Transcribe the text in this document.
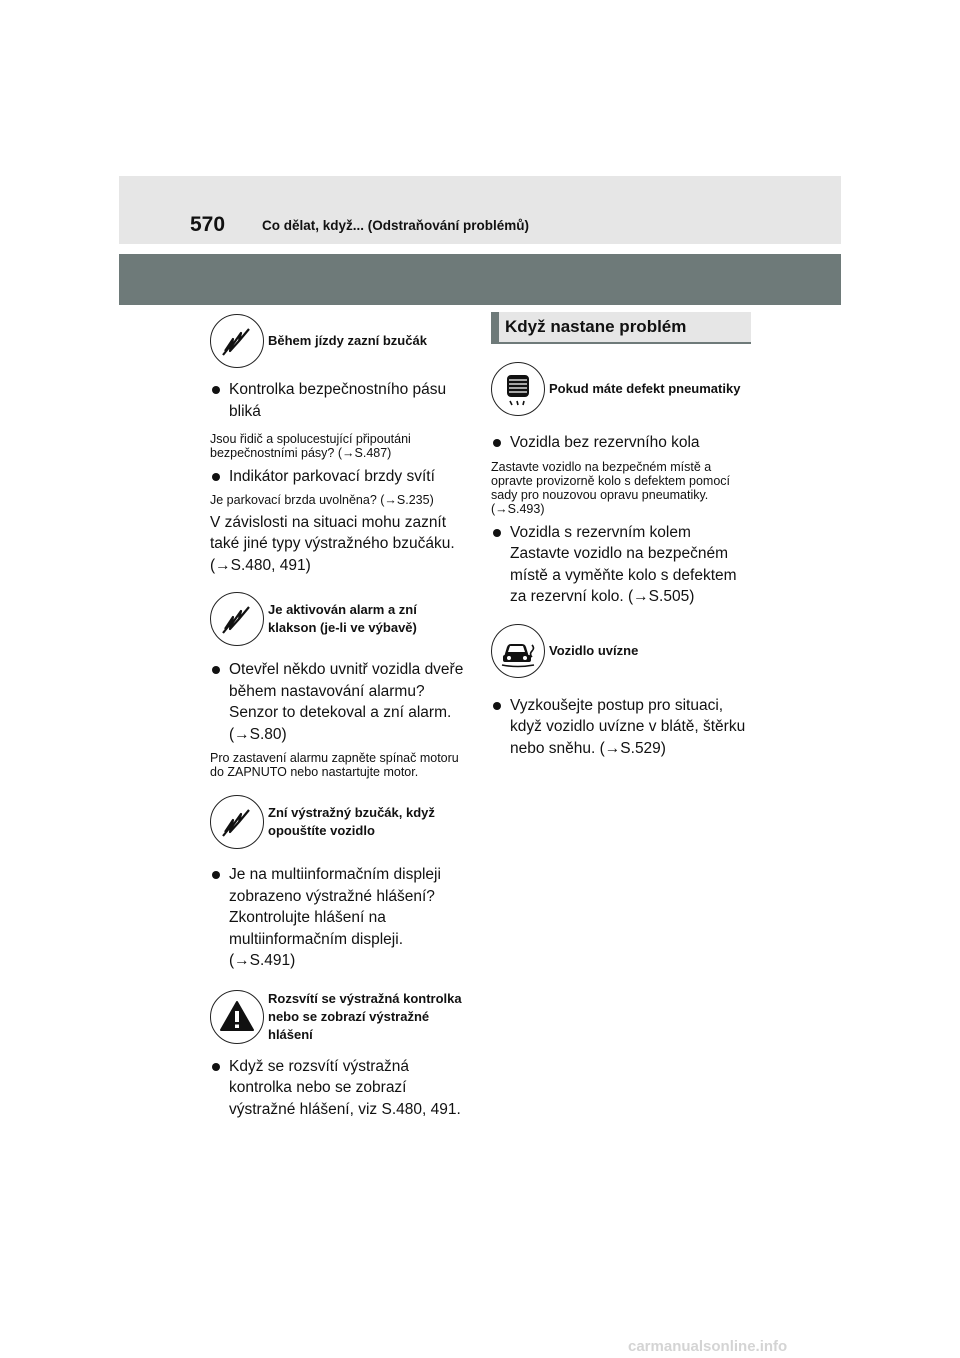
570	Co dělat, když... (Odstraňování problémů)
Během jízdy zazní bzučák
Kontrolka bezpečnostního pásu bliká
Jsou řidič a spolucestující připoutáni bezpečnostními pásy? (→S.487)
Indikátor parkovací brzdy svítí
Je parkovací brzda uvolněna? (→S.235)
V závislosti na situaci mohu zaznít také jiné typy výstražného bzučáku. (→S.480, 491)
Je aktivován alarm a zní klakson (je-li ve výbavě)
Otevřel někdo uvnitř vozidla dveře během nastavování alarmu? Senzor to detekoval a zní alarm. (→S.80)
Pro zastavení alarmu zapněte spínač motoru do ZAPNUTO nebo nastartujte motor.
Zní výstražný bzučák, když opouštíte vozidlo
Je na multiinformačním displeji zobrazeno výstražné hlášení? Zkontrolujte hlášení na multiinformačním displeji. (→S.491)
Rozsvítí se výstražná kontrolka nebo se zobrazí výstražné hlášení
Když se rozsvítí výstražná kontrolka nebo se zobrazí výstražné hlášení, viz S.480, 491.
Když nastane problém
Pokud máte defekt pneumatiky
Vozidla bez rezervního kola
Zastavte vozidlo na bezpečném místě a opravte provizorně kolo s defektem pomocí sady pro nouzovou opravu pneumatiky. (→S.493)
Vozidla s rezervním kolem Zastavte vozidlo na bezpečném místě a vyměňte kolo s defektem za rezervní kolo. (→S.505)
Vozidlo uvízne
Vyzkoušejte postup pro situaci, když vozidlo uvízne v blátě, štěrku nebo sněhu. (→S.529)
carmanualsonline.info
